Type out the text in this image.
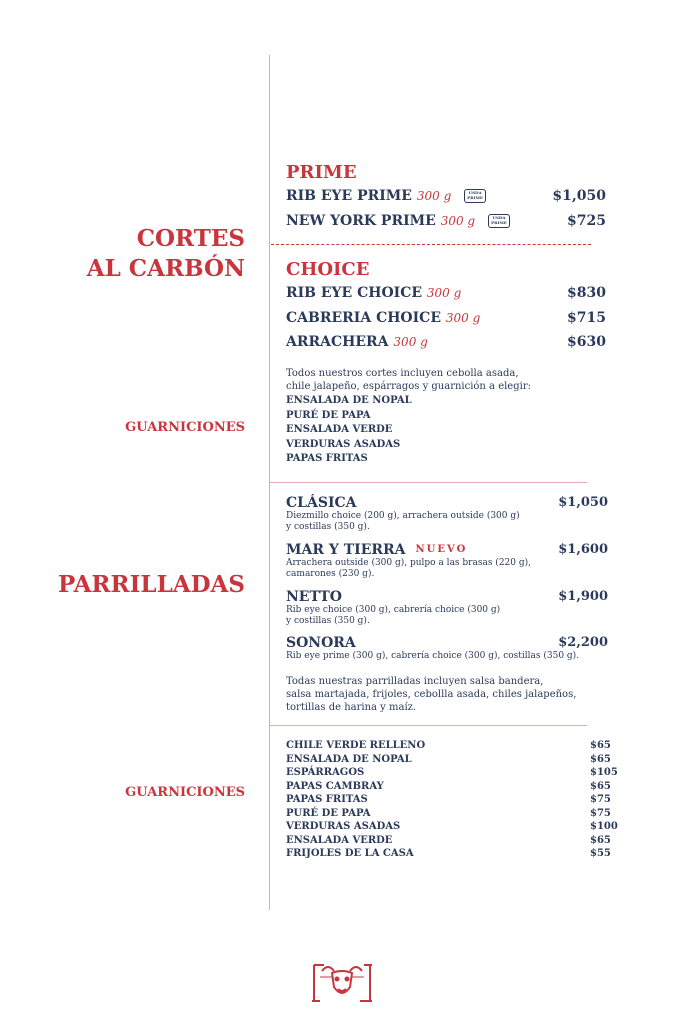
CORTES
AL CARBÓN
PRIME
RIB EYE PRIME 300 g	USDA PRIME	$1,050
NEW YORK PRIME 300 g	USDA PRIME	$725
CHOICE
RIB EYE CHOICE 300 g	$830
CABRERIA CHOICE 300 g	$715
ARRACHERA 300 g	$630
Todos nuestros cortes incluyen cebolla asada,
chile jalapeño, espárragos y guarnición a elegir:
GUARNICIONES
ENSALADA DE NOPAL
PURÉ DE PAPA
ENSALADA VERDE
VERDURAS ASADAS
PAPAS FRITAS
PARRILLADAS
CLÁSICA	$1,050
Diezmillo choice (200 g), arrachera outside (300 g)
y costillas (350 g).
MAR Y TIERRA NUEVO	$1,600
Arrachera outside (300 g), pulpo a las brasas (220 g),
camarones (230 g).
NETTO	$1,900
Rib eye choice (300 g), cabrería choice (300 g)
y costillas (350 g).
SONORA	$2,200
Rib eye prime (300 g), cabrería choice (300 g), costillas (350 g).
Todas nuestras parrilladas incluyen salsa bandera,
salsa martajada, frijoles, cebollla asada, chiles jalapeños,
tortillas de harina y maíz.
GUARNICIONES
CHILE VERDE RELLENO	$65
ENSALADA DE NOPAL	$65
ESPÁRRAGOS	$105
PAPAS CAMBRAY	$65
PAPAS FRITAS	$75
PURÉ DE PAPA	$75
VERDURAS ASADAS	$100
ENSALADA VERDE	$65
FRIJOLES DE LA CASA	$55
